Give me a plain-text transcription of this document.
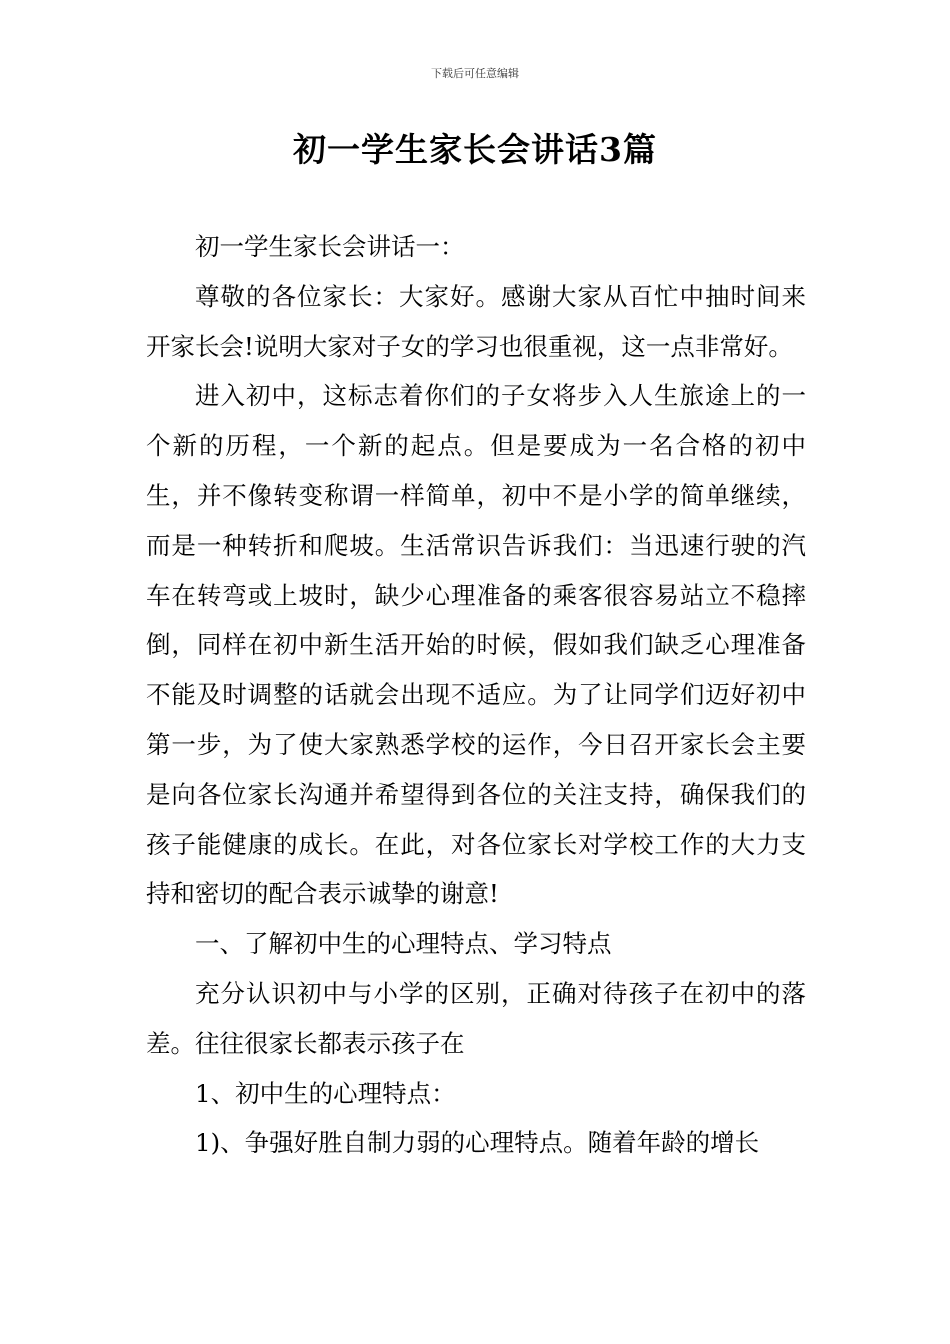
下载后可任意编辑
初一学生家长会讲话3篇

初一学生家长会讲话一：

尊敬的各位家长：大家好。感谢大家从百忙中抽时间来开家长会!说明大家对子女的学习也很重视，这一点非常好。

进入初中，这标志着你们的子女将步入人生旅途上的一个新的历程，一个新的起点。但是要成为一名合格的初中生，并不像转变称谓一样简单，初中不是小学的简单继续，而是一种转折和爬坡。生活常识告诉我们：当迅速行驶的汽车在转弯或上坡时，缺少心理准备的乘客很容易站立不稳摔倒，同样在初中新生活开始的时候，假如我们缺乏心理准备不能及时调整的话就会出现不适应。为了让同学们迈好初中第一步，为了使大家熟悉学校的运作，今日召开家长会主要是向各位家长沟通并希望得到各位的关注支持，确保我们的孩子能健康的成长。在此，对各位家长对学校工作的大力支持和密切的配合表示诚挚的谢意!

一、了解初中生的心理特点、学习特点

充分认识初中与小学的区别，正确对待孩子在初中的落差。往往很家长都表示孩子在

1、初中生的心理特点：

1)、争强好胜自制力弱的心理特点。随着年龄的增长
